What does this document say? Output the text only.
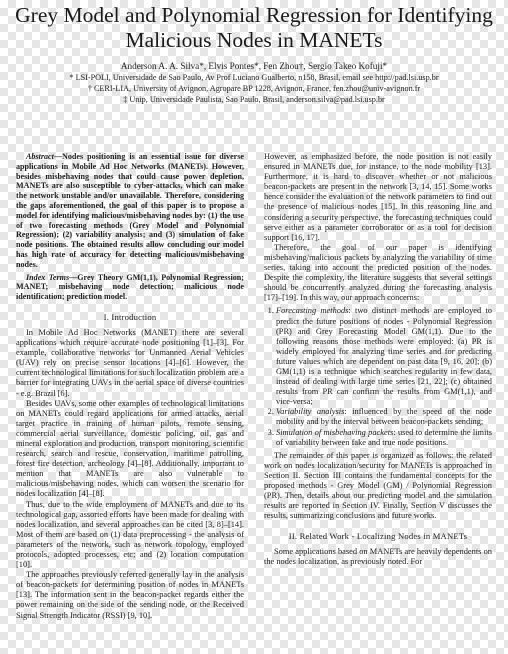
Grey Model and Polynomial Regression for Identifying Malicious Nodes in MANETs
Anderson A. A. Silva*, Elvis Pontes*, Fen Zhou†, Sergio Takeo Kofuji*
* LSI-POLI, Universidade de Sao Paulo, Av Prof Luciano Gualberto, n158, Brasil, email see http://pad.lsi.usp.br
† CERI-LIA, University of Avignon, Agropare BP 1228, Avignon, France, fen.zhou@univ-avignon.fr
‡ Unip, Universidade Paulista, Sao Paulo, Brasil, anderson.silva@pad.lsi.usp.br

Abstract—Nodes positioning is an essential issue for diverse applications in Mobile Ad Hoc Networks (MANETs). However, besides misbehaving nodes that could cause power depletion, MANETs are also susceptible to cyber-attacks, which can make the network unstable and/or unavailable. Therefore, considering the gaps aforementioned, the goal of this paper is to propose a model for identifying malicious/misbehaving nodes by: (1) the use of two forecasting methods (Grey Model and Polynomial Regression); (2) variability analysis; and (3) simulation of fake node positions. The obtained results allow concluding our model has high rate of accuracy for detecting malicious/misbehaving nodes.

Index Terms—Grey Theory GM(1,1), Polynomial Regression; MANET; misbehaving node detection; malicious node identification; prediction model.

I. Introduction

In Mobile Ad Hoc Networks (MANET) there are several applications which require accurate node positioning [1]–[3]. For example, collaborative networks for Unmanned Aerial Vehicles (UAV) rely on precise sensor locations [4]–[6]. However, the current technological limitations for such localization problem are a barrier for integrating UAVs in the aerial space of diverse countries - e.g. Brazil [6].

Besides UAVs, some other examples of technological limitations on MANETs could regard applications for armed attacks, aerial target practice in training of human pilots, remote sensing, commercial aerial surveillance, domestic policing, oil, gas and mineral exploration and production, transport monitoring, scientific research, search and rescue, conservation, maritime patrolling, forest fire detection, archeology [4]–[8]. Additionally, important to mention that MANETs are also vulnerable to malicious/misbehaving nodes, which can worsen the scenario for nodes localization [4]–[8].

Thus, due to the wide employment of MANETs and due to its technological gap, assorted efforts have been made for dealing with nodes localization, and several approaches can be cited [3, 8]–[14]. Most of them are based on (1) data preprocessing - the analysis of parameters of the network, such as network topology, employed protocols, adopted processes, etc; and (2) location computation [10].

The approaches previously referred generally lay in the analysis of beacon-packets for determining position of nodes in MANETs [13]. The information sent in the beacon-packet regards either the power remaining on the side of the sending node, or the Received Signal Strength Indicator (RSSI) [9, 10].

However, as emphasized before, the node position is not easily ensured in MANETs due, for instance, to the node mobility [13]. Furthermore, it is hard to discover whether or not malicious beacon-packets are present in the network [3, 14, 15]. Some works hence consider the evaluation of the network parameters to find out the presence of malicious nodes [15]. In this reasoning line and considering a security perspective, the forecasting techniques could serve either as a parameter corroborator or as a tool for decision support [16, 17].

Therefore, the goal of our paper is identifying misbehaving/malicious packets by analyzing the variability of time series, taking into account the predicted position of the nodes. Despite the complexity, the literature suggests that several settings should be concurrently analyzed during the forecasting analysis [17]–[19]. In this way, our approach concerns:

1. Forecasting methods: two distinct methods are employed to predict the future positions of nodes - Polynomial Regression (PR) and Grey Forecasting Model GM(1,1). Due to the following reasons those methods were employed: (a) PR is widely employed for analyzing time series and for predicting future values which are dependent on past data [9, 16, 20]; (b) GM(1,1) is a technique which searches regularity in few data, instead of dealing with large time series [21, 22]; (c) obtained results from PR can confirm the results from GM(1,1), and vice-versa;
2. Variability analysis: influenced by the speed of the node mobility and by the interval between beacon-packets sending;
3. Simulation of misbehaving packets: used to determine the limits of variability between fake and true node positions.

The remainder of this paper is organized as follows: the related work on nodes localization/security for MANETs is approached in Section II. Section III contains the fundamental concepts for the proposed methods - Grey Model (GM) / Polynomial Regression (PR). Then, details about our predicting model and the simulation results are reported in Section IV. Finally, Section V discusses the results, summarizing conclusions and future works.

II. Related Work - Localizing Nodes in MANETs

Some applications based on MANETs are heavily dependents on the nodes localization, as previously noted. For
